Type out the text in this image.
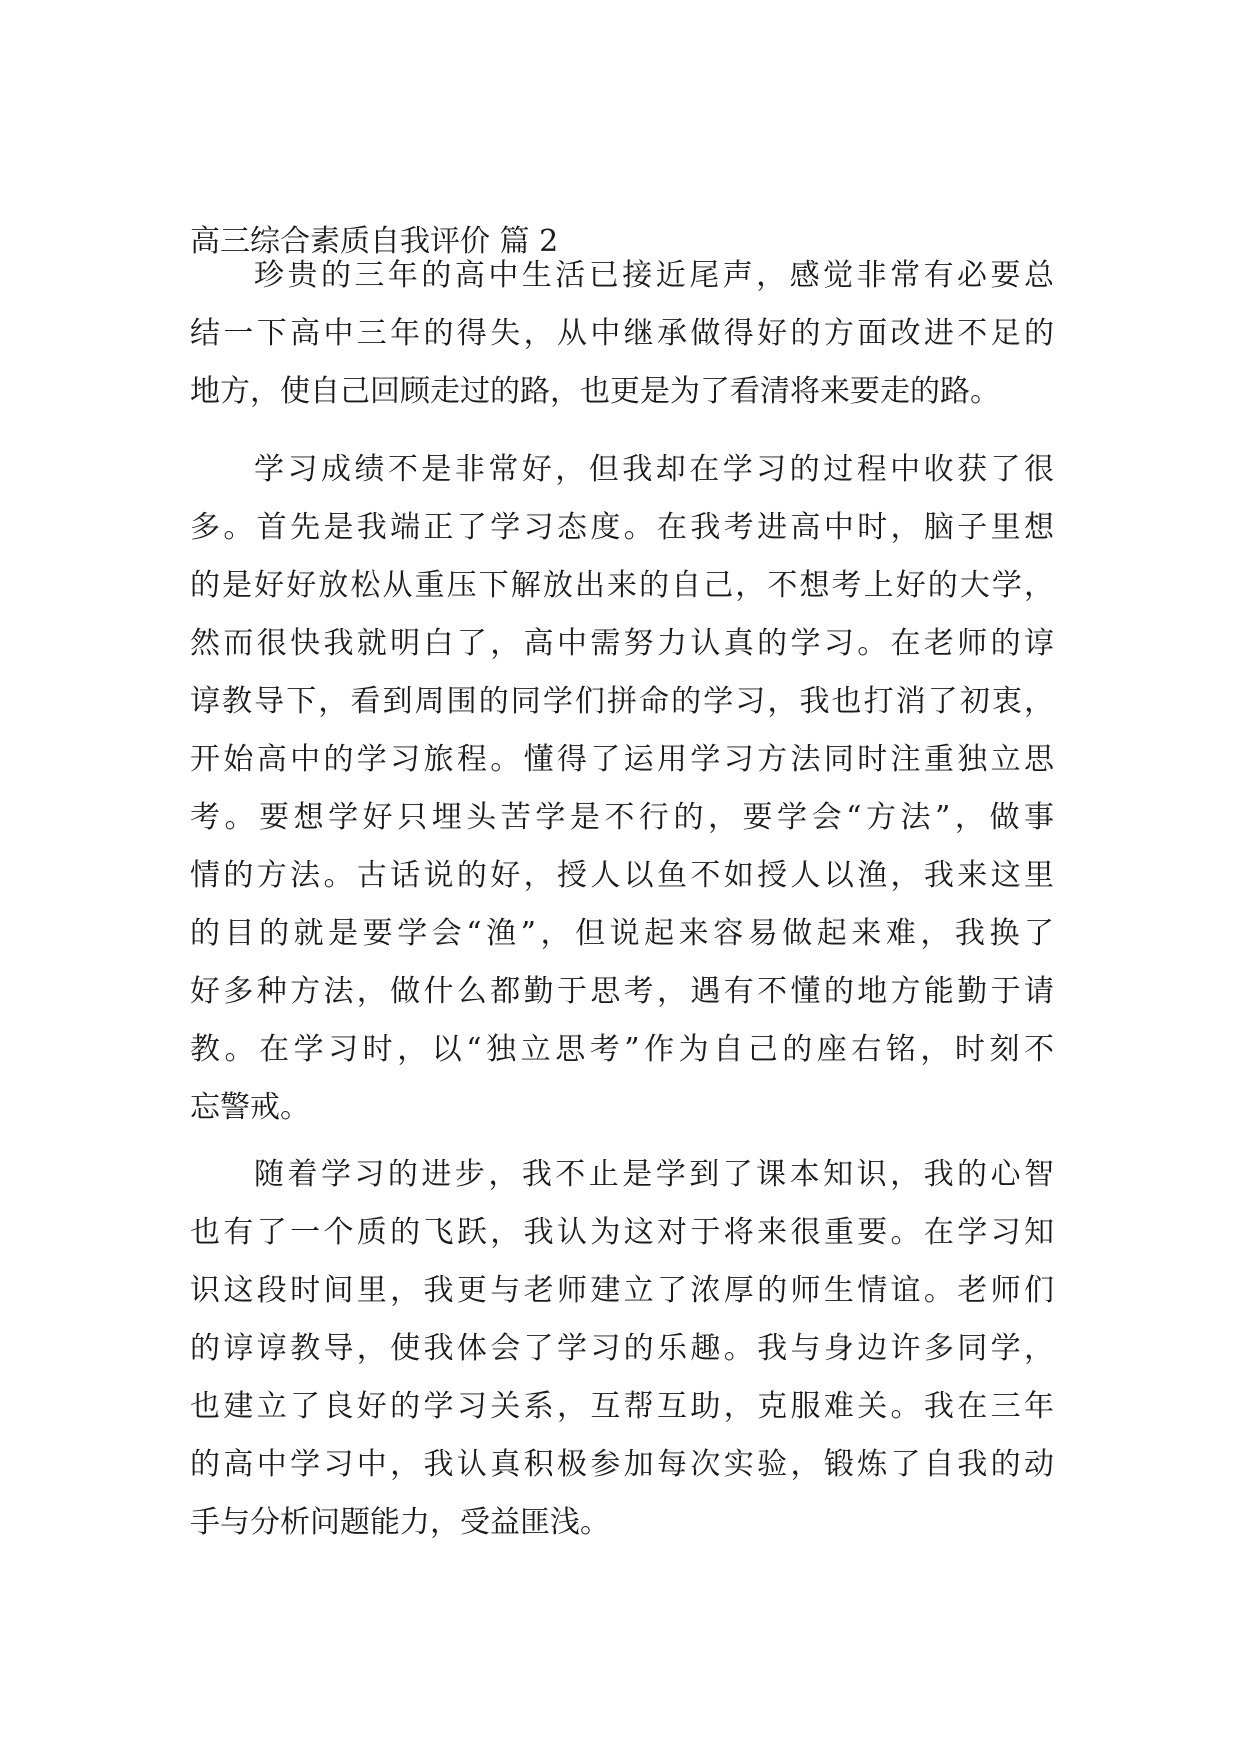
高三综合素质自我评价 篇 2
珍贵的三年的高中生活已接近尾声，感觉非常有必要总
结一下高中三年的得失，从中继承做得好的方面改进不足的
地方，使自己回顾走过的路，也更是为了看清将来要走的路。
学习成绩不是非常好，但我却在学习的过程中收获了很
多。首先是我端正了学习态度。在我考进高中时，脑子里想
的是好好放松从重压下解放出来的自己，不想考上好的大学，
然而很快我就明白了，高中需努力认真的学习。在老师的谆
谆教导下，看到周围的同学们拼命的学习，我也打消了初衷，
开始高中的学习旅程。懂得了运用学习方法同时注重独立思
考。要想学好只埋头苦学是不行的，要学会“方法”，做事
情的方法。古话说的好，授人以鱼不如授人以渔，我来这里
的目的就是要学会“渔”，但说起来容易做起来难，我换了
好多种方法，做什么都勤于思考，遇有不懂的地方能勤于请
教。在学习时，以“独立思考”作为自己的座右铭，时刻不
忘警戒。
随着学习的进步，我不止是学到了课本知识，我的心智
也有了一个质的飞跃，我认为这对于将来很重要。在学习知
识这段时间里，我更与老师建立了浓厚的师生情谊。老师们
的谆谆教导，使我体会了学习的乐趣。我与身边许多同学，
也建立了良好的学习关系，互帮互助，克服难关。我在三年
的高中学习中，我认真积极参加每次实验，锻炼了自我的动
手与分析问题能力，受益匪浅。
